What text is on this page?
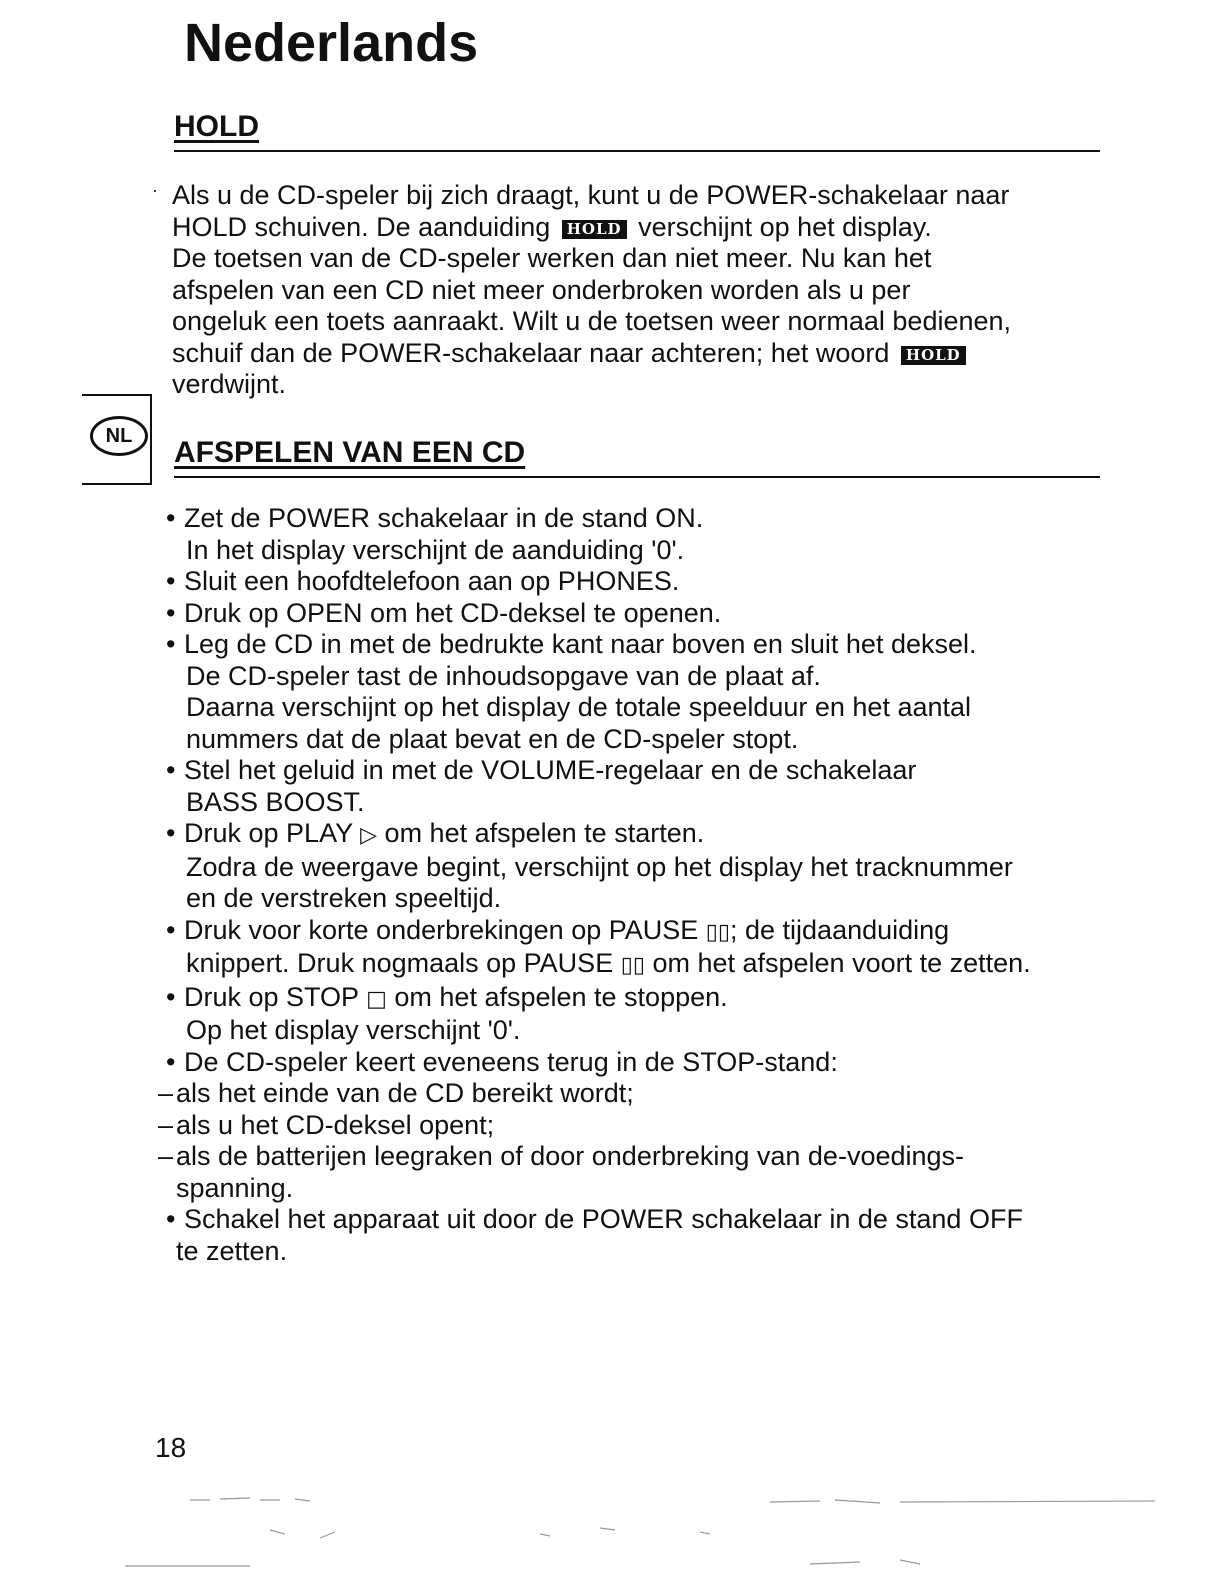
Nederlands
HOLD
· Als u de CD-speler bij zich draagt, kunt u de POWER-schakelaar naar
HOLD schuiven. De aanduiding HOLD verschijnt op het display.
De toetsen van de CD-speler werken dan niet meer. Nu kan het
afspelen van een CD niet meer onderbroken worden als u per
ongeluk een toets aanraakt. Wilt u de toetsen weer normaal bedienen,
schuif dan de POWER-schakelaar naar achteren; het woord HOLD
verdwijnt.
NL	AFSPELEN VAN EEN CD
• Zet de POWER schakelaar in de stand ON.
In het display verschijnt de aanduiding '0'.
• Sluit een hoofdtelefoon aan op PHONES.
• Druk op OPEN om het CD-deksel te openen.
• Leg de CD in met de bedrukte kant naar boven en sluit het deksel.
De CD-speler tast de inhoudsopgave van de plaat af.
Daarna verschijnt op het display de totale speelduur en het aantal
nummers dat de plaat bevat en de CD-speler stopt.
• Stel het geluid in met de VOLUME-regelaar en de schakelaar
BASS BOOST.
• Druk op PLAY ▷ om het afspelen te starten.
Zodra de weergave begint, verschijnt op het display het tracknummer
en de verstreken speeltijd.
• Druk voor korte onderbrekingen op PAUSE ▯▯; de tijdaanduiding
knippert. Druk nogmaals op PAUSE ▯▯ om het afspelen voort te zetten.
• Druk op STOP □ om het afspelen te stoppen.
Op het display verschijnt '0'.
• De CD-speler keert eveneens terug in de STOP-stand:
– als het einde van de CD bereikt wordt;
– als u het CD-deksel opent;
– als de batterijen leegraken of door onderbreking van de-voedings-
spanning.
• Schakel het apparaat uit door de POWER schakelaar in de stand OFF
te zetten.

18
